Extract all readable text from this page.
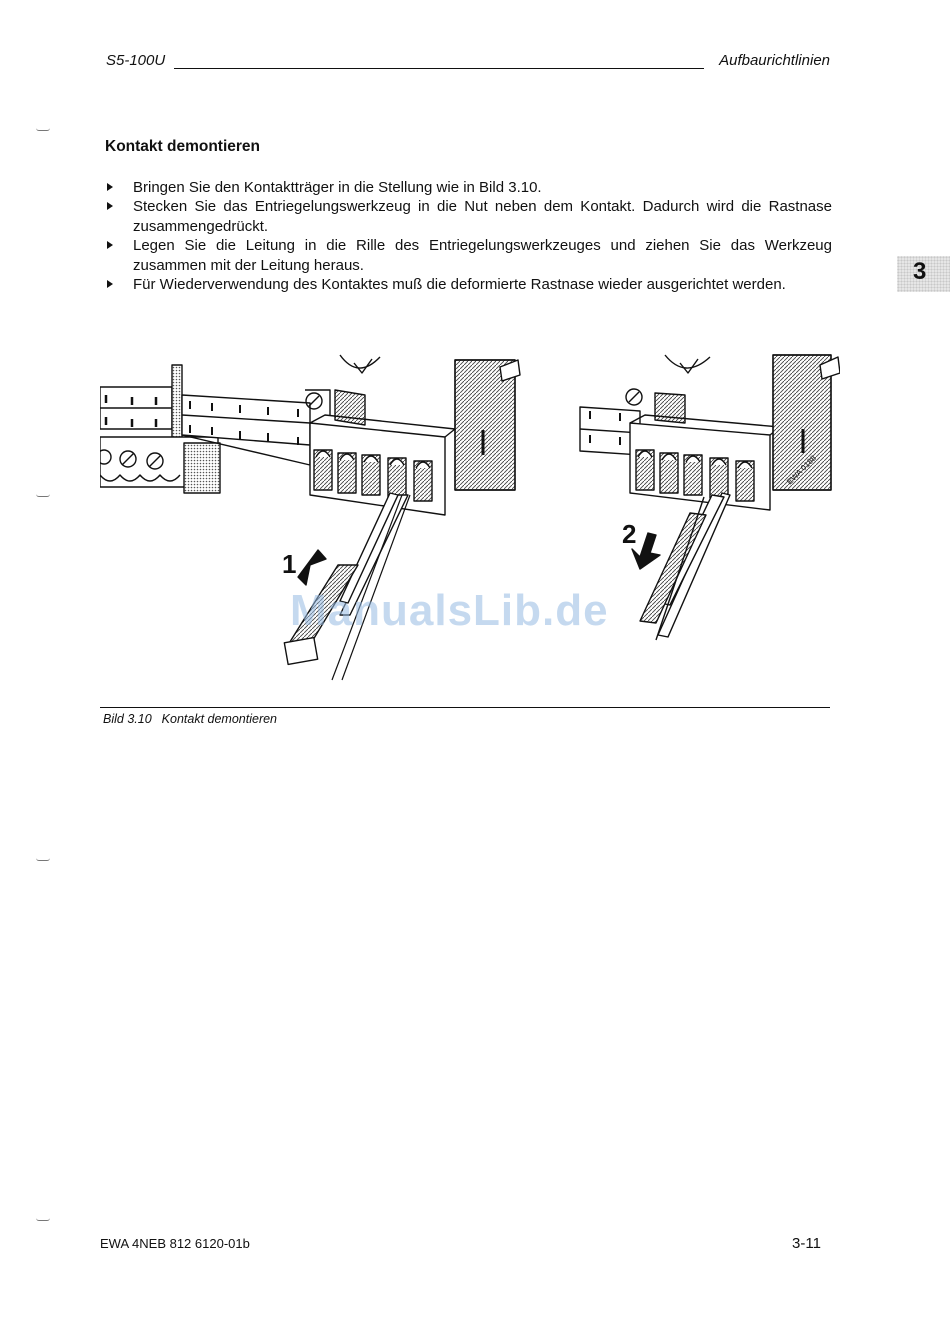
S5-100U	Aufbaurichtlinien
Kontakt demontieren
Bringen Sie den Kontaktträger in die Stellung wie in Bild 3.10.
Stecken Sie das Entriegelungswerkzeug in die Nut neben dem Kontakt. Dadurch wird die Rastnase zusammengedrückt.
Legen Sie die Leitung in die Rille des Entriegelungswerkzeuges und ziehen Sie das Werkzeug zusammen mit der Leitung heraus.
Für Wiederverwendung des Kontaktes muß die deformierte Rastnase wieder ausgerichtet werden.	3
1
2
EWA 0188
ManualsLib.de
Bild 3.10 Kontakt demontieren
EWA 4NEB 812 6120-01b	3-11
